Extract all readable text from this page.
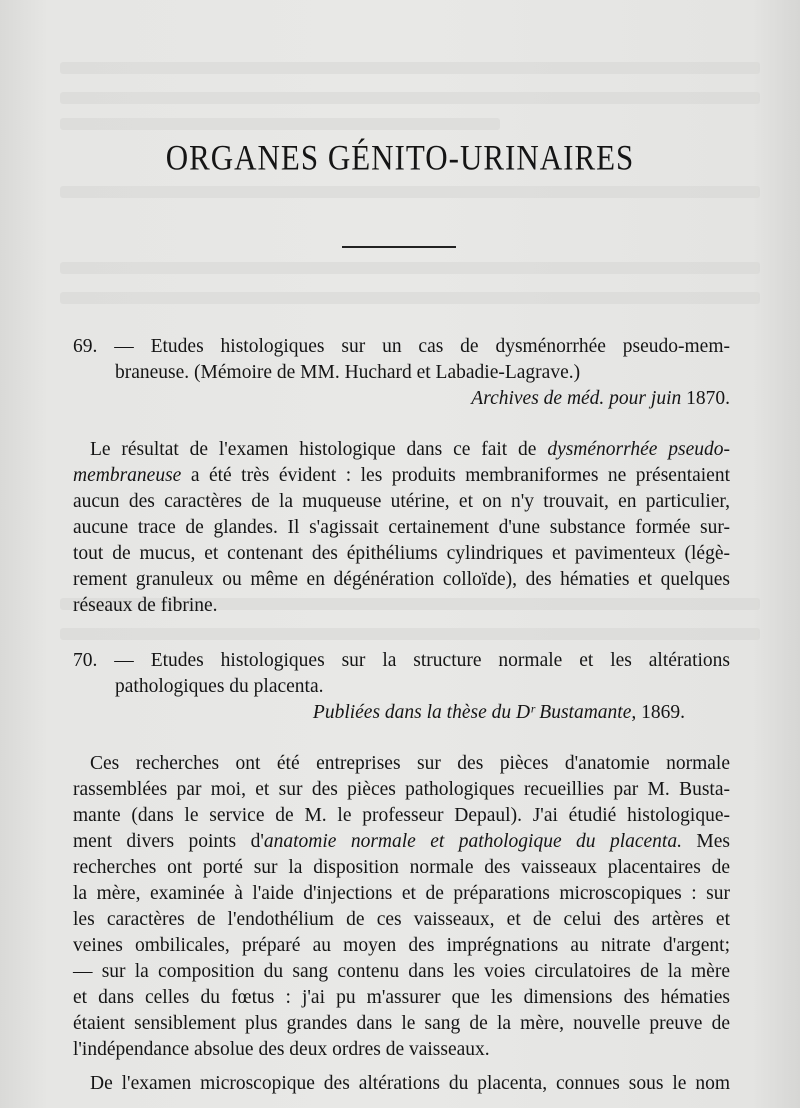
ORGANES GÉNITO-URINAIRES
69. — Etudes histologiques sur un cas de dysménorrhée pseudo-mem-
braneuse. (Mémoire de MM. Huchard et Labadie-Lagrave.)
Archives de méd. pour juin 1870.
Le résultat de l'examen histologique dans ce fait de dysménorrhée pseudo-
membraneuse a été très évident : les produits membraniformes ne présentaient
aucun des caractères de la muqueuse utérine, et on n'y trouvait, en particulier,
aucune trace de glandes. Il s'agissait certainement d'une substance formée sur-
tout de mucus, et contenant des épithéliums cylindriques et pavimenteux (légè-
rement granuleux ou même en dégénération colloïde), des hématies et quelques
réseaux de fibrine.
70. — Etudes histologiques sur la structure normale et les altérations
pathologiques du placenta.
Publiées dans la thèse du Dʳ Bustamante, 1869.
Ces recherches ont été entreprises sur des pièces d'anatomie normale
rassemblées par moi, et sur des pièces pathologiques recueillies par M. Busta-
mante (dans le service de M. le professeur Depaul). J'ai étudié histologique-
ment divers points d'anatomie normale et pathologique du placenta. Mes
recherches ont porté sur la disposition normale des vaisseaux placentaires de
la mère, examinée à l'aide d'injections et de préparations microscopiques : sur
les caractères de l'endothélium de ces vaisseaux, et de celui des artères et
veines ombilicales, préparé au moyen des imprégnations au nitrate d'argent;
— sur la composition du sang contenu dans les voies circulatoires de la mère
et dans celles du fœtus : j'ai pu m'assurer que les dimensions des hématies
étaient sensiblement plus grandes dans le sang de la mère, nouvelle preuve de
l'indépendance absolue des deux ordres de vaisseaux.
De l'examen microscopique des altérations du placenta, connues sous le nom
